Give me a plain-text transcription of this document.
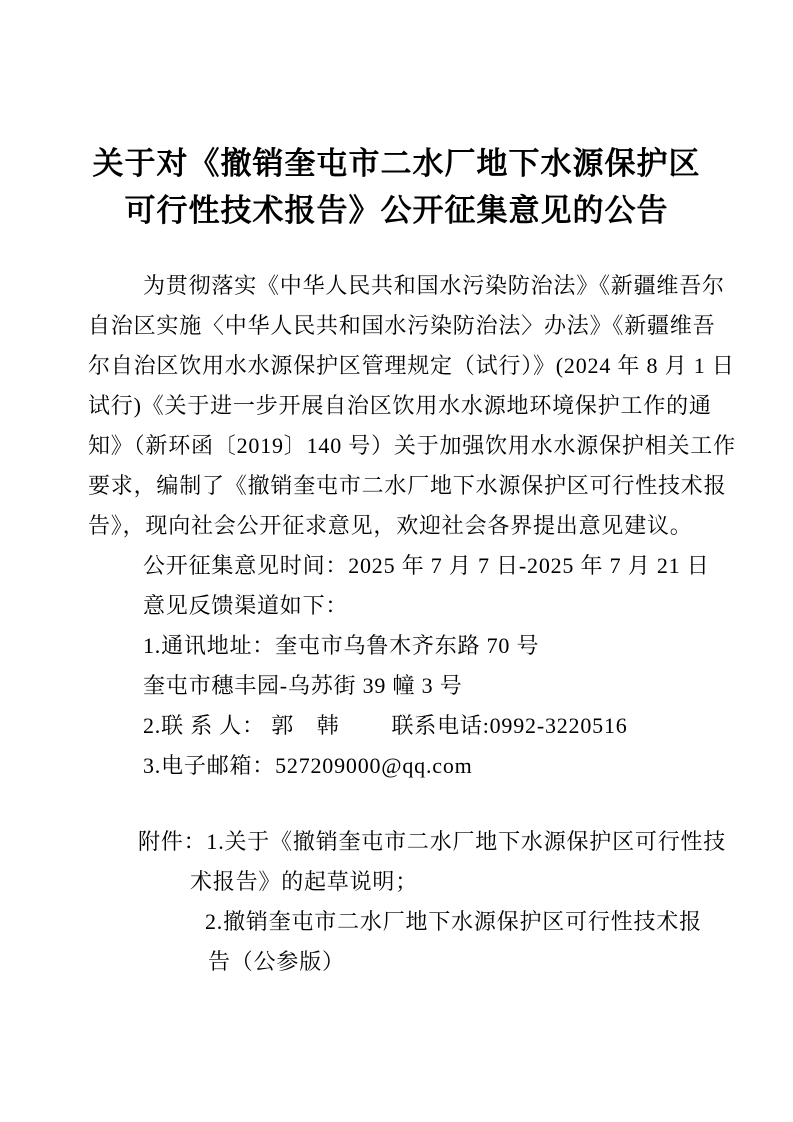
关于对《撤销奎屯市二水厂地下水源保护区
可行性技术报告》公开征集意见的公告
为贯彻落实《中华人民共和国水污染防治法》《新疆维吾尔
自治区实施〈中华人民共和国水污染防治法〉办法》《新疆维吾
尔自治区饮用水水源保护区管理规定（试行）》(2024 年 8 月 1 日
试行)《关于进一步开展自治区饮用水水源地环境保护工作的通
知》（新环函〔2019〕140 号）关于加强饮用水水源保护相关工作
要求，编制了《撤销奎屯市二水厂地下水源保护区可行性技术报
告》，现向社会公开征求意见，欢迎社会各界提出意见建议。
公开征集意见时间：2025 年 7 月 7 日-2025 年 7 月 21 日
意见反馈渠道如下：
1.通讯地址：奎屯市乌鲁木齐东路 70 号
奎屯市穗丰园-乌苏街 39 幢 3 号
2.联 系 人： 郭　韩　　 联系电话:0992-3220516
3.电子邮箱：527209000@qq.com
附件：1.关于《撤销奎屯市二水厂地下水源保护区可行性技
术报告》的起草说明；
2.撤销奎屯市二水厂地下水源保护区可行性技术报
告（公参版）
